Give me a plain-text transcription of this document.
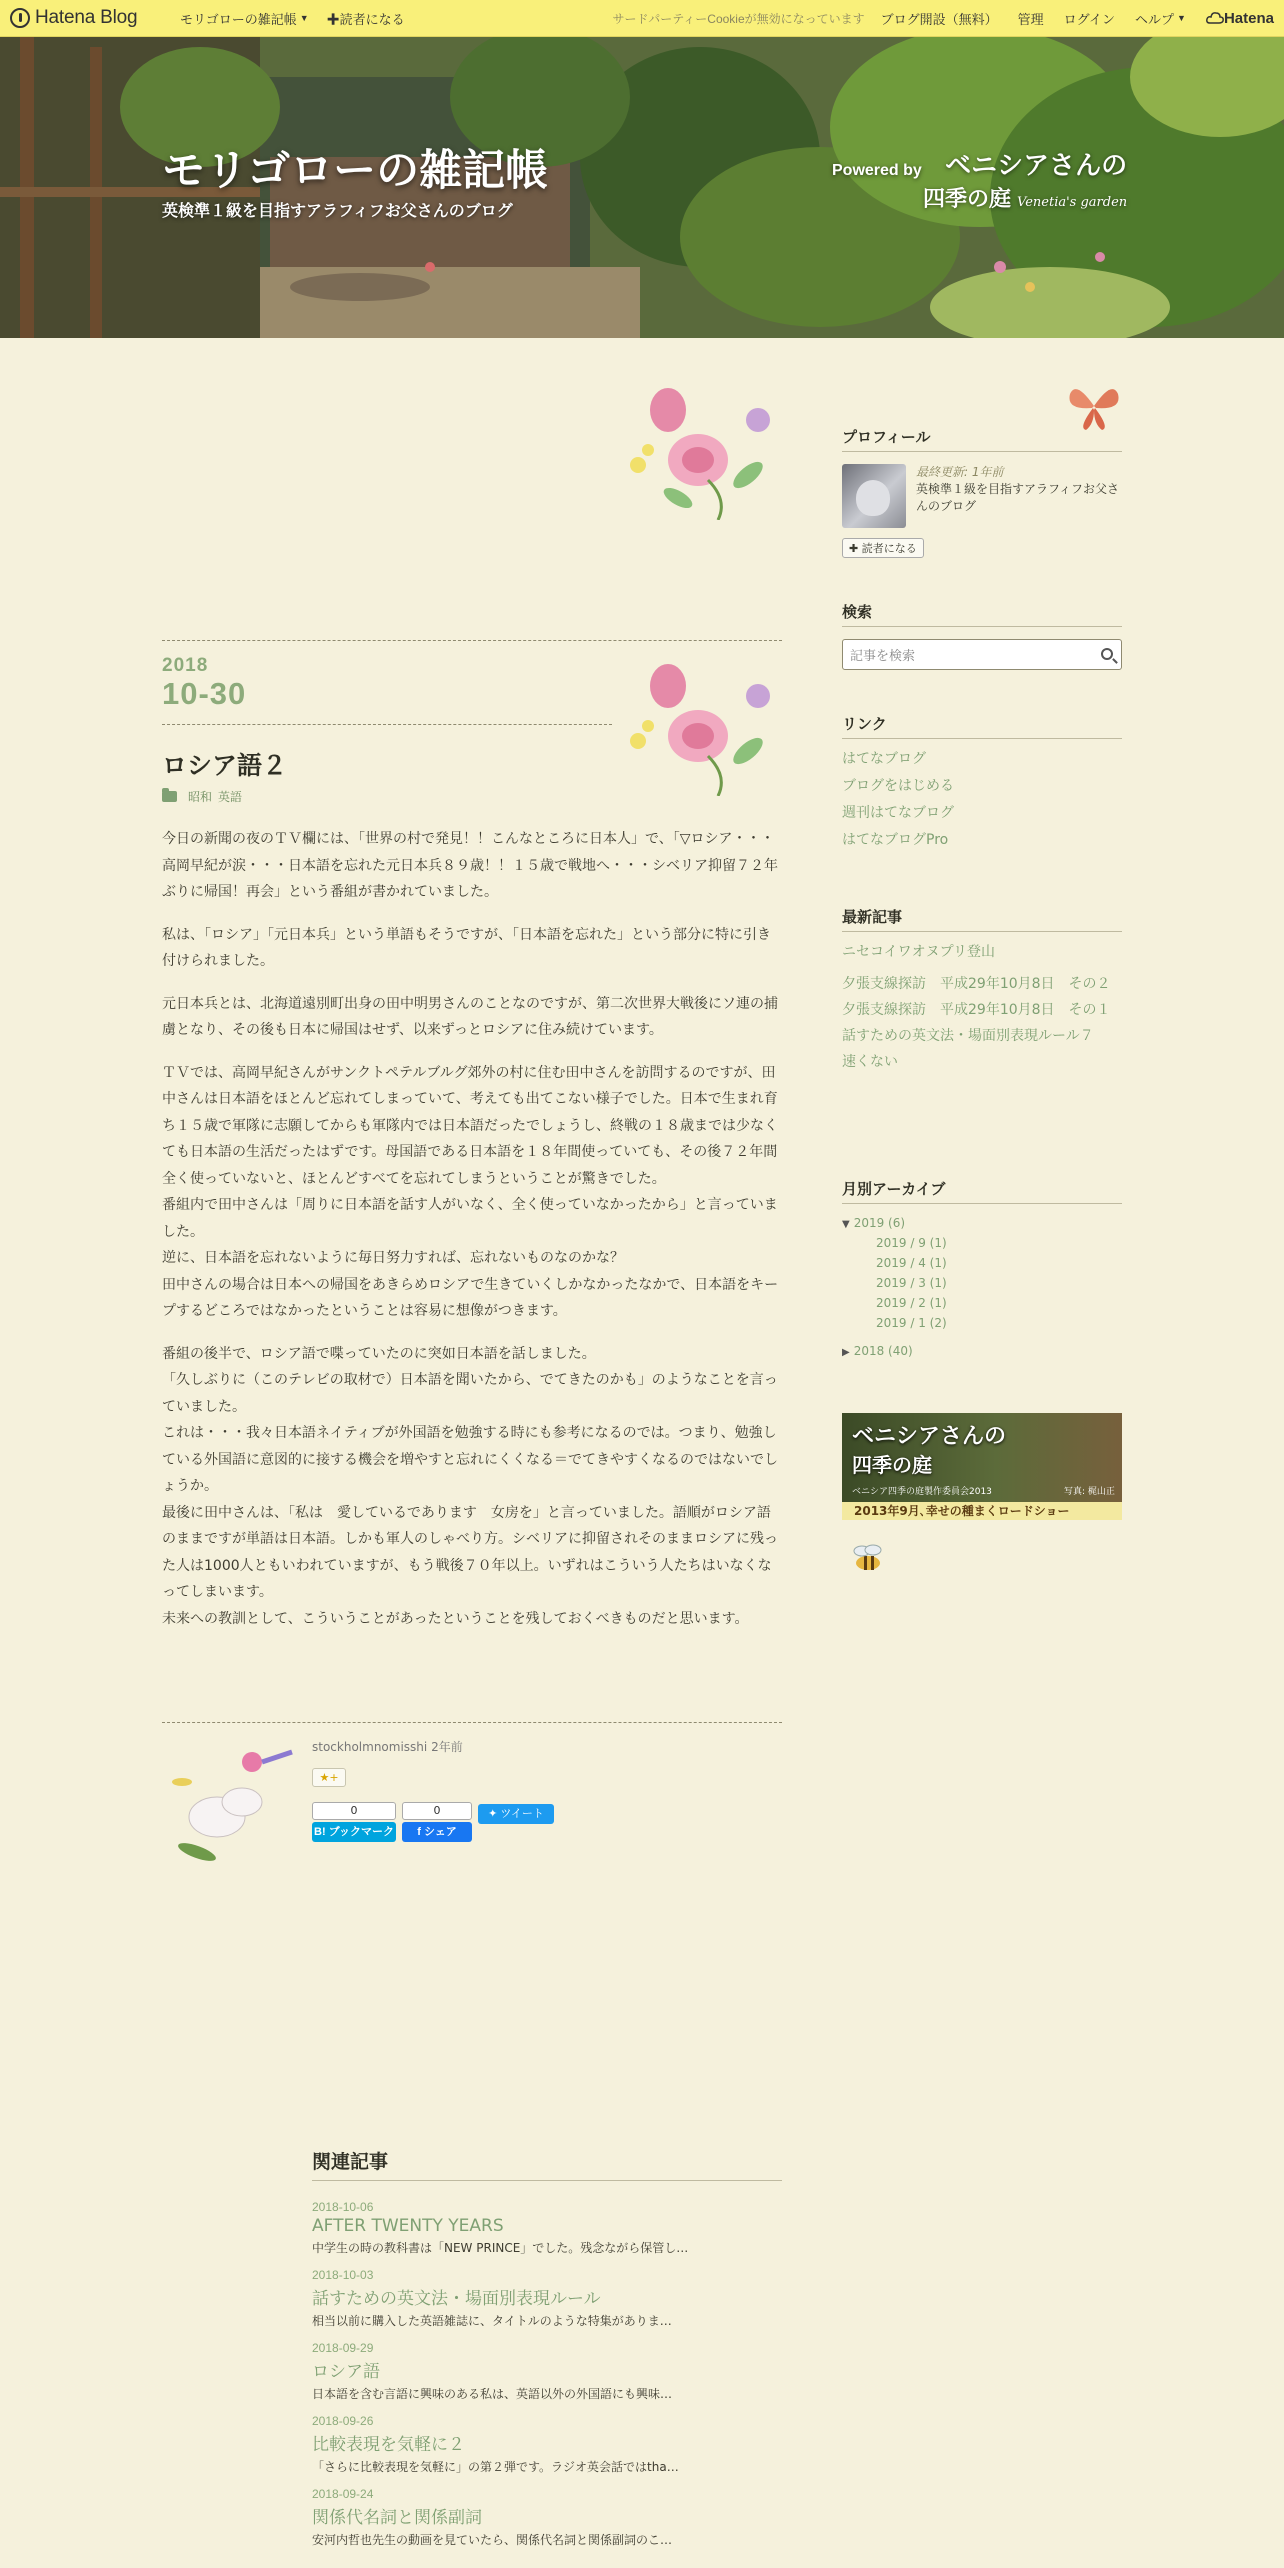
Hatena Blog	モリゴローの雑記帳 ▼ ✚読者になる	サードパーティーCookieが無効になっています ブログ開設（無料） 管理 ログイン ヘルプ ▼	Hatena
モリゴローの雑記帳
英検準１級を目指すアラフィフお父さんのブログ
Powered by ベニシアさんの
四季の庭 Venetia's garden
2018
10-30
ロシア語２
昭和 英語

今日の新聞の夜のＴＶ欄には、「世界の村で発見！！こんなところに日本人」で、「▽ロシア・・・高岡早紀が涙・・・日本語を忘れた元日本兵８９歳！！１５歳で戦地へ・・・シベリア抑留７２年ぶりに帰国！再会」という番組が書かれていました。

私は、「ロシア」「元日本兵」という単語もそうですが、「日本語を忘れた」という部分に特に引き付けられました。

元日本兵とは、北海道遠別町出身の田中明男さんのことなのですが、第二次世界大戦後にソ連の捕虜となり、その後も日本に帰国はせず、以来ずっとロシアに住み続けています。

ＴＶでは、高岡早紀さんがサンクトペテルブルグ郊外の村に住む田中さんを訪問するのですが、田中さんは日本語をほとんど忘れてしまっていて、考えても出てこない様子でした。日本で生まれ育ち１５歳で軍隊に志願してからも軍隊内では日本語だったでしょうし、終戦の１８歳までは少なくても日本語の生活だったはずです。母国語である日本語を１８年間使っていても、その後７２年間全く使っていないと、ほとんどすべてを忘れてしまうということが驚きでした。
番組内で田中さんは「周りに日本語を話す人がいなく、全く使っていなかったから」と言っていました。
逆に、日本語を忘れないように毎日努力すれば、忘れないものなのかな？
田中さんの場合は日本への帰国をあきらめロシアで生きていくしかなかったなかで、日本語をキープするどころではなかったということは容易に想像がつきます。

番組の後半で、ロシア語で喋っていたのに突如日本語を話しました。
「久しぶりに（このテレビの取材で）日本語を聞いたから、でてきたのかも」のようなことを言っていました。
これは・・・我々日本語ネイティブが外国語を勉強する時にも参考になるのでは。つまり、勉強している外国語に意図的に接する機会を増やすと忘れにくくなる＝でてきやすくなるのではないでしょうか。
最後に田中さんは、「私は　愛しているであります　女房を」と言っていました。語順がロシア語のままですが単語は日本語。しかも軍人のしゃべり方。シベリアに抑留されそのままロシアに残った人は1000人ともいわれていますが、もう戦後７０年以上。いずれはこういう人たちはいなくなってしまいます。
未来への教訓として、こういうことがあったということを残しておくべきものだと思います。

stockholmnomisshi 2年前
★+
0
B! ブックマーク
0
f シェア
✦ ツイート
関連記事
2018-10-06
AFTER TWENTY YEARS
中学生の時の教科書は「NEW PRINCE」でした。残念ながら保管し…
2018-10-03
話すための英文法・場面別表現ルール
相当以前に購入した英語雑誌に、タイトルのような特集がありま…
2018-09-29
ロシア語
日本語を含む言語に興味のある私は、英語以外の外国語にも興味…
2018-09-26
比較表現を気軽に２
「さらに比較表現を気軽に」の第２弾です。ラジオ英会話ではtha…
2018-09-24
関係代名詞と関係副詞
安河内哲也先生の動画を見ていたら、関係代名詞と関係副詞のこ…
プロフィール
最終更新: 1年前
英検準１級を目指すアラフィフお父さんのブログ
✚ 読者になる
検索
記事を検索
リンク
はてなブログ
ブログをはじめる
週刊はてなブログ
はてなブログPro
最新記事
ニセコイワオヌプリ登山
夕張支線探訪　平成29年10月8日　その２
夕張支線探訪　平成29年10月8日　その１
話すための英文法・場面別表現ルール７
速くない
月別アーカイブ
▼ 2019 (6)
2019 / 9 (1)
2019 / 4 (1)
2019 / 3 (1)
2019 / 2 (1)
2019 / 1 (2)
▶ 2018 (40)
ベニシアさんの
四季の庭
ベニシア四季の庭製作委員会2013	写真: 梶山正
2013年9月､幸せの種まくロードショー
